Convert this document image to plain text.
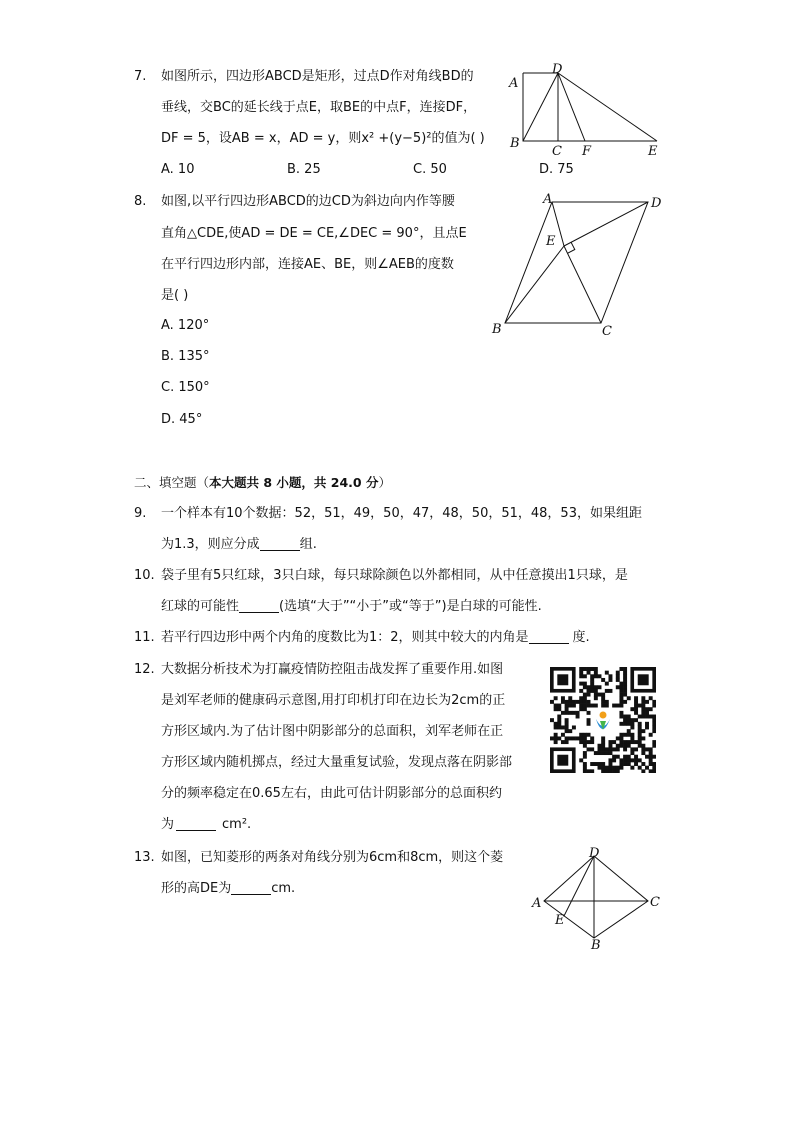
7. 如图所示，四边形ABCD是矩形，过点D作对角线BD的
垂线，交BC的延长线于点E，取BE的中点F，连接DF，
DF = 5，设AB = x，AD = y，则x² +(y−5)²的值为( )
A. 10	B. 25	C. 50	D. 75
A
D
B
C F	E
8. 如图,以平行四边形ABCD的边CD为斜边向内作等腰
直角△CDE,使AD = DE = CE,∠DEC = 90°，且点E
在平行四边形内部，连接AE、BE，则∠AEB的度数
是( )
A. 120°
B. 135°
C. 150°
D. 45°
A	D
E
B	C
二、填空题（本大题共 8 小题，共 24.0 分）
9. 一个样本有10个数据：52，51，49，50，47，48，50，51，48，53，如果组距
为1.3，则应分成	组.
10. 袋子里有5只红球，3只白球，每只球除颜色以外都相同，从中任意摸出1只球，是
红球的可能性	(选填“大于”“小于”或“等于”)是白球的可能性.
11. 若平行四边形中两个内角的度数比为1：2，则其中较大的内角是	度.
12. 大数据分析技术为打赢疫情防控阻击战发挥了重要作用.如图
是刘军老师的健康码示意图,用打印机打印在边长为2cm的正
方形区域内.为了估计图中阴影部分的总面积，刘军老师在正
方形区域内随机掷点，经过大量重复试验，发现点落在阴影部
分的频率稳定在0.65左右，由此可估计阴影部分的总面积约
为	cm².
13. 如图，已知菱形的两条对角线分别为6cm和8cm，则这个菱
形的高DE为	cm.
D
A	C
E
B
